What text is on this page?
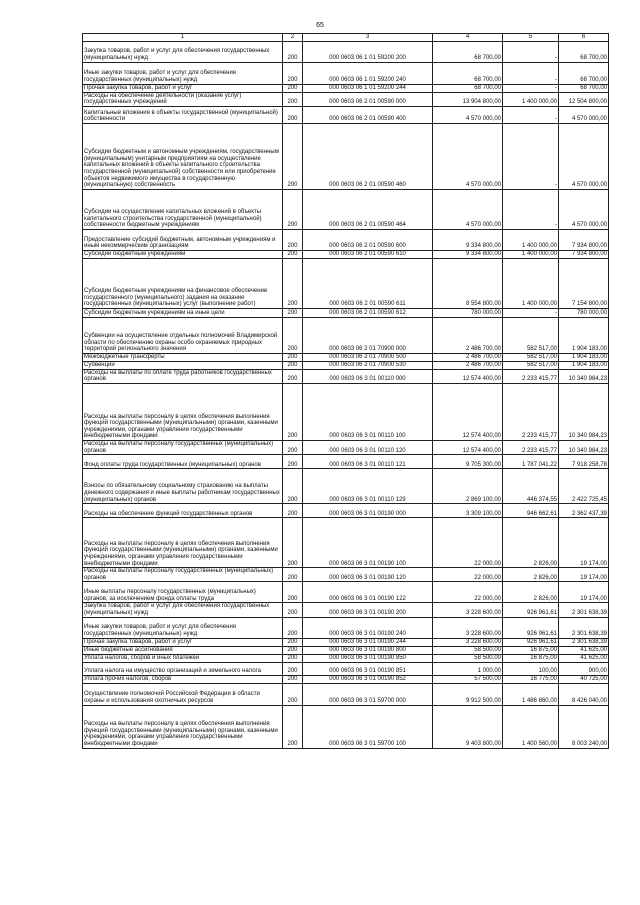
65
1	2	3	4	5	6
Закупка товаров, работ и услуг для обеспечения государственных (муниципальных) нужд	200	000 0603 06 1 01 59200 200	68 700,00	-	68 700,00
Иные закупки товаров, работ и услуг для обеспечения государственных (муниципальных) нужд	200	000 0603 06 1 01 59200 240	68 700,00	-	68 700,00
Прочая закупка товаров, работ и услуг	200	000 0603 06 1 01 59200 244	68 700,00	-	68 700,00
Расходы на обеспечение деятельности (оказание услуг) государственных учреждений	200	000 0603 06 2 01 00590 000	13 904 800,00	1 400 000,00	12 504 800,00
Капитальные вложения в объекты государственной (муниципальной) собственности	200	000 0603 06 2 01 00590 400	4 570 000,00	-	4 570 000,00
Субсидии бюджетным и автономным учреждениям, государственным (муниципальным) унитарным предприятиям на осуществление капитальных вложений в объекты капитального строительства государственной (муниципальной) собственности или приобретение объектов недвижимого имущества в государственную (муниципальную) собственность	200	000 0603 06 2 01 00590 460	4 570 000,00	-	4 570 000,00
Субсидии на осуществление капитальных вложений в объекты капитального строительства государственной (муниципальной) собственности бюджетным учреждениям	200	000 0603 06 2 01 00590 464	4 570 000,00	-	4 570 000,00
Предоставление субсидий бюджетным, автономным учреждениям и иным некоммерческим организациям	200	000 0603 06 2 01 00590 600	9 334 800,00	1 400 000,00	7 934 800,00
Субсидии бюджетным учреждениям	200	000 0603 06 2 01 00590 610	9 334 800,00	1 400 000,00	7 934 800,00
Субсидии бюджетным учреждениям на финансовое обеспечение государственного (муниципального) задания на оказание государственных (муниципальных) услуг (выполнение работ)	200	000 0603 06 2 01 00590 611	8 554 800,00	1 400 000,00	7 154 800,00
Субсидии бюджетным учреждениям на иные цели	200	000 0603 06 2 01 00590 612	780 000,00	-	780 000,00
Субвенции на осуществление отдельных полномочий Владимирской области по обеспечению охраны особо охраняемых природных территорий регионального значения	200	000 0603 06 2 01 70900 000	2 486 700,00	582 517,00	1 904 183,00
Межбюджетные трансферты	200	000 0603 06 2 01 70900 500	2 486 700,00	582 517,00	1 904 183,00
Субвенции	200	000 0603 06 2 01 70900 530	2 486 700,00	582 517,00	1 904 183,00
Расходы на выплаты по оплате труда работников государственных органов	200	000 0603 06 3 01 00110 000	12 574 400,00	2 233 415,77	10 340 984,23
Расходы на выплаты персоналу в целях обеспечения выполнения функций государственными (муниципальными) органами, казенными учреждениями, органами управления государственными внебюджетными фондами	200	000 0603 06 3 01 00110 100	12 574 400,00	2 233 415,77	10 340 984,23
Расходы на выплаты персоналу государственных (муниципальных) органов	200	000 0603 06 3 01 00110 120	12 574 400,00	2 233 415,77	10 340 984,23
Фонд оплаты труда государственных (муниципальных) органов	200	000 0603 06 3 01 00110 121	9 705 300,00	1 787 041,22	7 918 258,78
Взносы по обязательному социальному страхованию на выплаты денежного содержания и иные выплаты работникам государственных (муниципальных) органов	200	000 0603 06 3 01 00110 129	2 869 100,00	446 374,55	2 422 725,45
Расходы на обеспечение функций государственных органов	200	000 0603 06 3 01 00190 000	3 309 100,00	946 662,61	2 362 437,39
Расходы на выплаты персоналу в целях обеспечения выполнения функций государственными (муниципальными) органами, казенными учреждениями, органами управления государственными внебюджетными фондами	200	000 0603 06 3 01 00190 100	22 000,00	2 826,00	19 174,00
Расходы на выплаты персоналу государственных (муниципальных) органов	200	000 0603 06 3 01 00190 120	22 000,00	2 826,00	19 174,00
Иные выплаты персоналу государственных (муниципальных) органов, за исключением фонда оплаты труда	200	000 0603 06 3 01 00190 122	22 000,00	2 826,00	19 174,00
Закупка товаров, работ и услуг для обеспечения государственных (муниципальных) нужд	200	000 0603 06 3 01 00190 200	3 228 600,00	926 961,61	2 301 638,39
Иные закупки товаров, работ и услуг для обеспечения государственных (муниципальных) нужд	200	000 0603 06 3 01 00190 240	3 228 600,00	926 961,61	2 301 638,39
Прочая закупка товаров, работ и услуг	200	000 0603 06 3 01 00190 244	3 228 600,00	926 961,61	2 301 638,39
Иные бюджетные ассигнования	200	000 0603 06 3 01 00190 800	58 500,00	16 875,00	41 625,00
Уплата налогов, сборов и иных платежей	200	000 0603 06 3 01 00190 850	58 500,00	16 875,00	41 625,00
Уплата налога на имущество организаций и земельного налога	200	000 0603 06 3 01 00190 851	1 000,00	100,00	900,00
Уплата прочих налогов, сборов	200	000 0603 06 3 01 00190 852	57 500,00	16 775,00	40 725,00
Осуществление полномочий Российской Федерации в области охраны и использования охотничьих ресурсов	200	000 0603 06 3 01 59700 000	9 912 500,00	1 486 860,00	8 426 040,00
Расходы на выплаты персоналу в целях обеспечения выполнения функций государственными (муниципальными) органами, казенными учреждениями, органами управления государственными внебюджетными фондами	200	000 0603 06 3 01 59700 100	9 403 800,00	1 400 560,00	8 003 240,00
